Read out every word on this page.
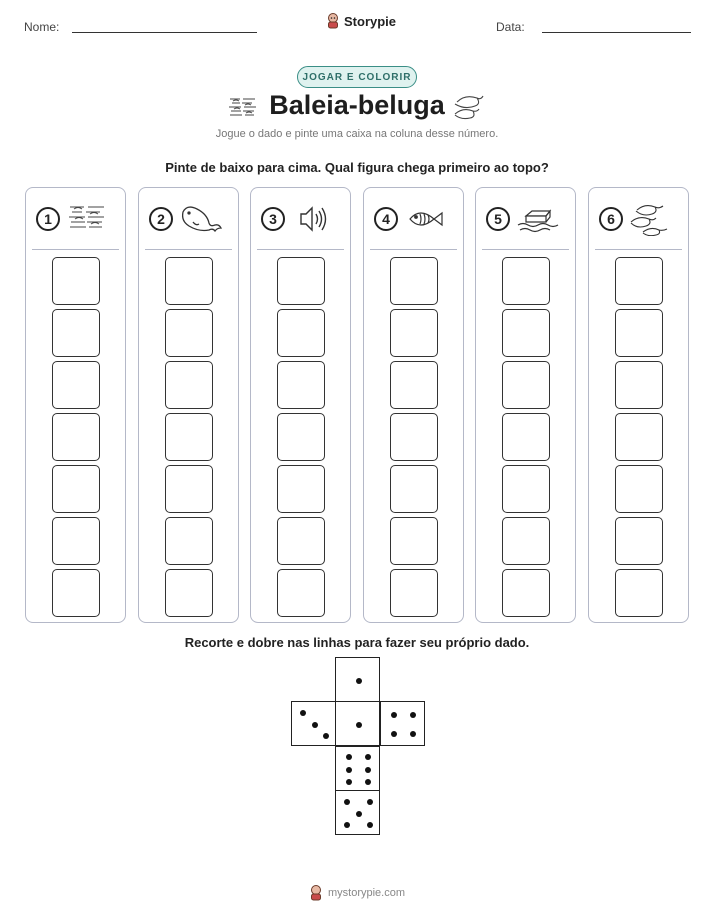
Nome:	Storypie	Data:
JOGAR E COLORIR
Baleia-beluga
Jogue o dado e pinte uma caixa na coluna desse número.
Pinte de baixo para cima. Qual figura chega primeiro ao topo?
1	2	3	4	5	6
Recorte e dobre nas linhas para fazer seu próprio dado.
mystorypie.com
